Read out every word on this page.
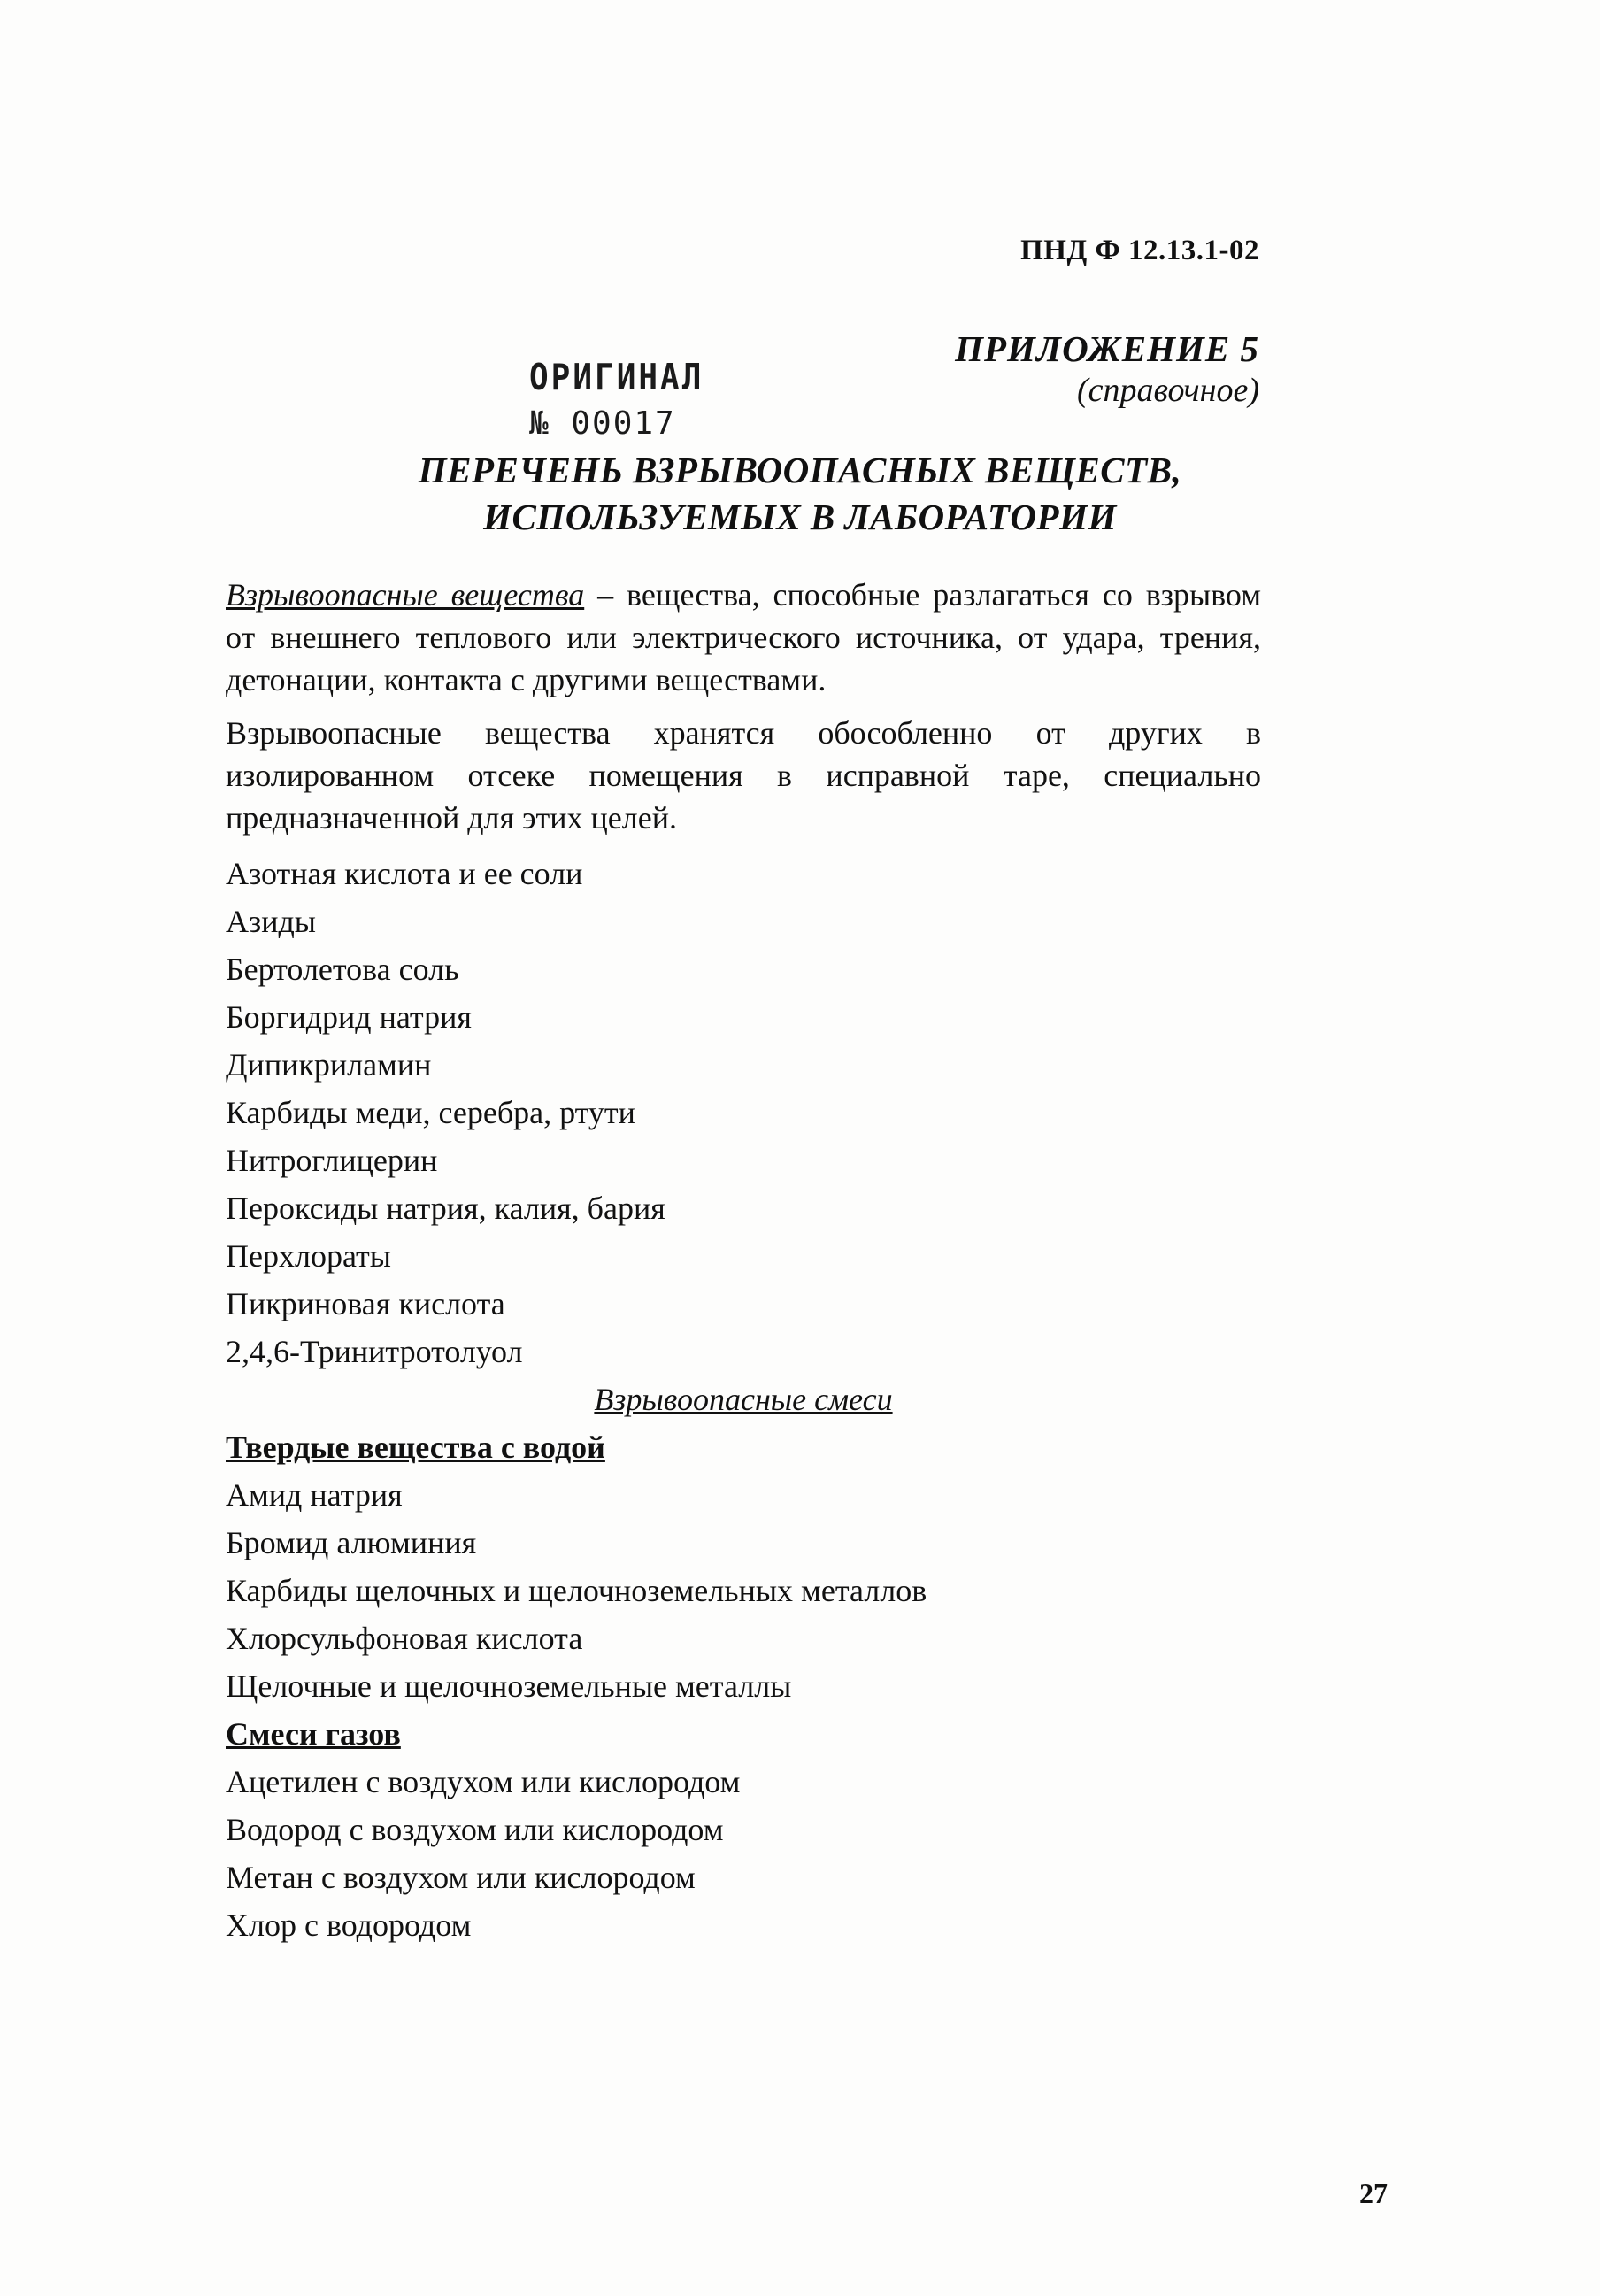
ПНД Ф 12.13.1-02
ПРИЛОЖЕНИЕ 5
(справочное)
ОРИГИНАЛ
№ 00017
ПЕРЕЧЕНЬ ВЗРЫВООПАСНЫХ ВЕЩЕСТВ,
ИСПОЛЬЗУЕМЫХ В ЛАБОРАТОРИИ

Взрывоопасные вещества – вещества, способные разлагаться со взрывом от внешнего теплового или электрического источника, от удара, трения, детонации, контакта с другими веществами.

Взрывоопасные вещества хранятся обособленно от других в изолированном отсеке помещения в исправной таре, специально предназначенной для этих целей.

Азотная кислота и ее соли
Азиды
Бертолетова соль
Боргидрид натрия
Дипикриламин
Карбиды меди, серебра, ртути
Нитроглицерин
Пероксиды натрия, калия, бария
Перхлораты
Пикриновая кислота
2,4,6-Тринитротолуол
Взрывоопасные смеси
Твердые вещества с водой
Амид натрия
Бромид алюминия
Карбиды щелочных и щелочноземельных металлов
Хлорсульфоновая кислота
Щелочные и щелочноземельные металлы
Смеси газов
Ацетилен с воздухом или кислородом
Водород с воздухом или кислородом
Метан с воздухом или кислородом
Хлор с водородом
27
